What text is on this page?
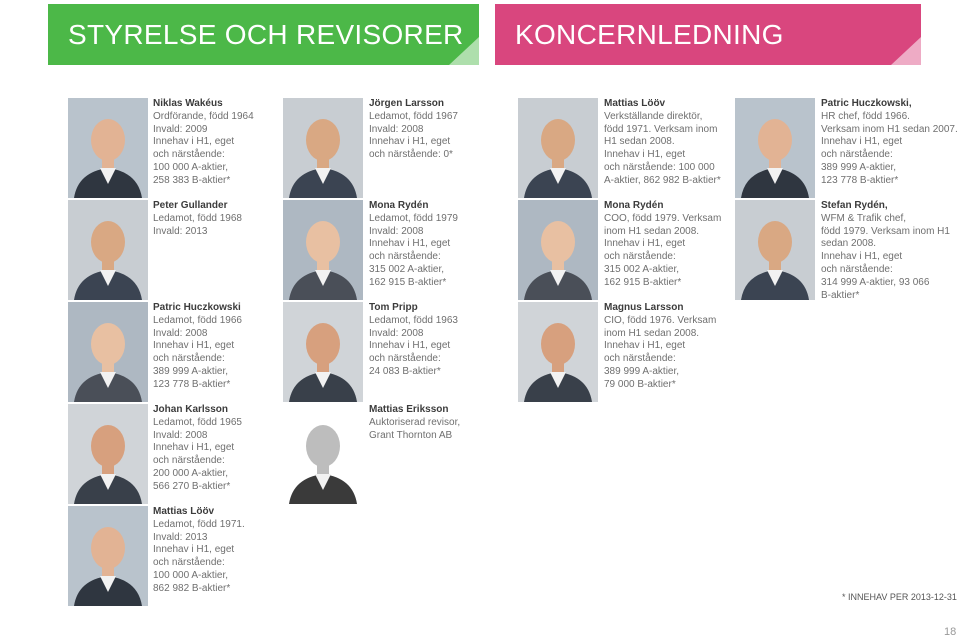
STYRELSE OCH REVISORER	KONCERNLEDNING
Niklas Wakéus
Ordförande, född 1964
Invald: 2009
Innehav i H1, eget
och närstående:
100 000 A-aktier,
258 383 B-aktier*
Peter Gullander
Ledamot, född 1968
Invald: 2013
Patric Huczkowski
Ledamot, född 1966
Invald: 2008
Innehav i H1, eget
och närstående:
389 999 A-aktier,
123 778 B-aktier*
Johan Karlsson
Ledamot, född 1965
Invald: 2008
Innehav i H1, eget
och närstående:
200 000 A-aktier,
566 270 B-aktier*
Mattias Lööv
Ledamot, född 1971.
Invald: 2013
Innehav i H1, eget
och närstående:
100 000 A-aktier,
862 982 B-aktier*
Jörgen Larsson
Ledamot, född 1967
Invald: 2008
Innehav i H1, eget
och närstående: 0*
Mona Rydén
Ledamot, född 1979
Invald: 2008
Innehav i H1, eget
och närstående:
315 002 A-aktier,
162 915 B-aktier*
Tom Pripp
Ledamot, född 1963
Invald: 2008
Innehav i H1, eget
och närstående:
24 083 B-aktier*
Mattias Eriksson
Auktoriserad revisor,
Grant Thornton AB
Mattias Lööv
Verkställande direktör,
född 1971. Verksam inom
H1 sedan 2008.
Innehav i H1, eget
och närstående: 100 000
A-aktier, 862 982 B-aktier*
Mona Rydén
COO, född 1979. Verksam
inom H1 sedan 2008.
Innehav i H1, eget
och närstående:
315 002 A-aktier,
162 915 B-aktier*
Magnus Larsson
CIO, född 1976. Verksam
inom H1 sedan 2008.
Innehav i H1, eget
och närstående:
389 999 A-aktier,
79 000 B-aktier*
Patric Huczkowski,
HR chef, född 1966.
Verksam inom H1 sedan 2007.
Innehav i H1, eget
och närstående:
389 999 A-aktier,
123 778 B-aktier*
Stefan Rydén,
WFM & Trafik chef,
född 1979. Verksam inom H1
sedan 2008.
Innehav i H1, eget
och närstående:
314 999 A-aktier, 93 066
B-aktier*
* INNEHAV PER 2013-12-31
18
